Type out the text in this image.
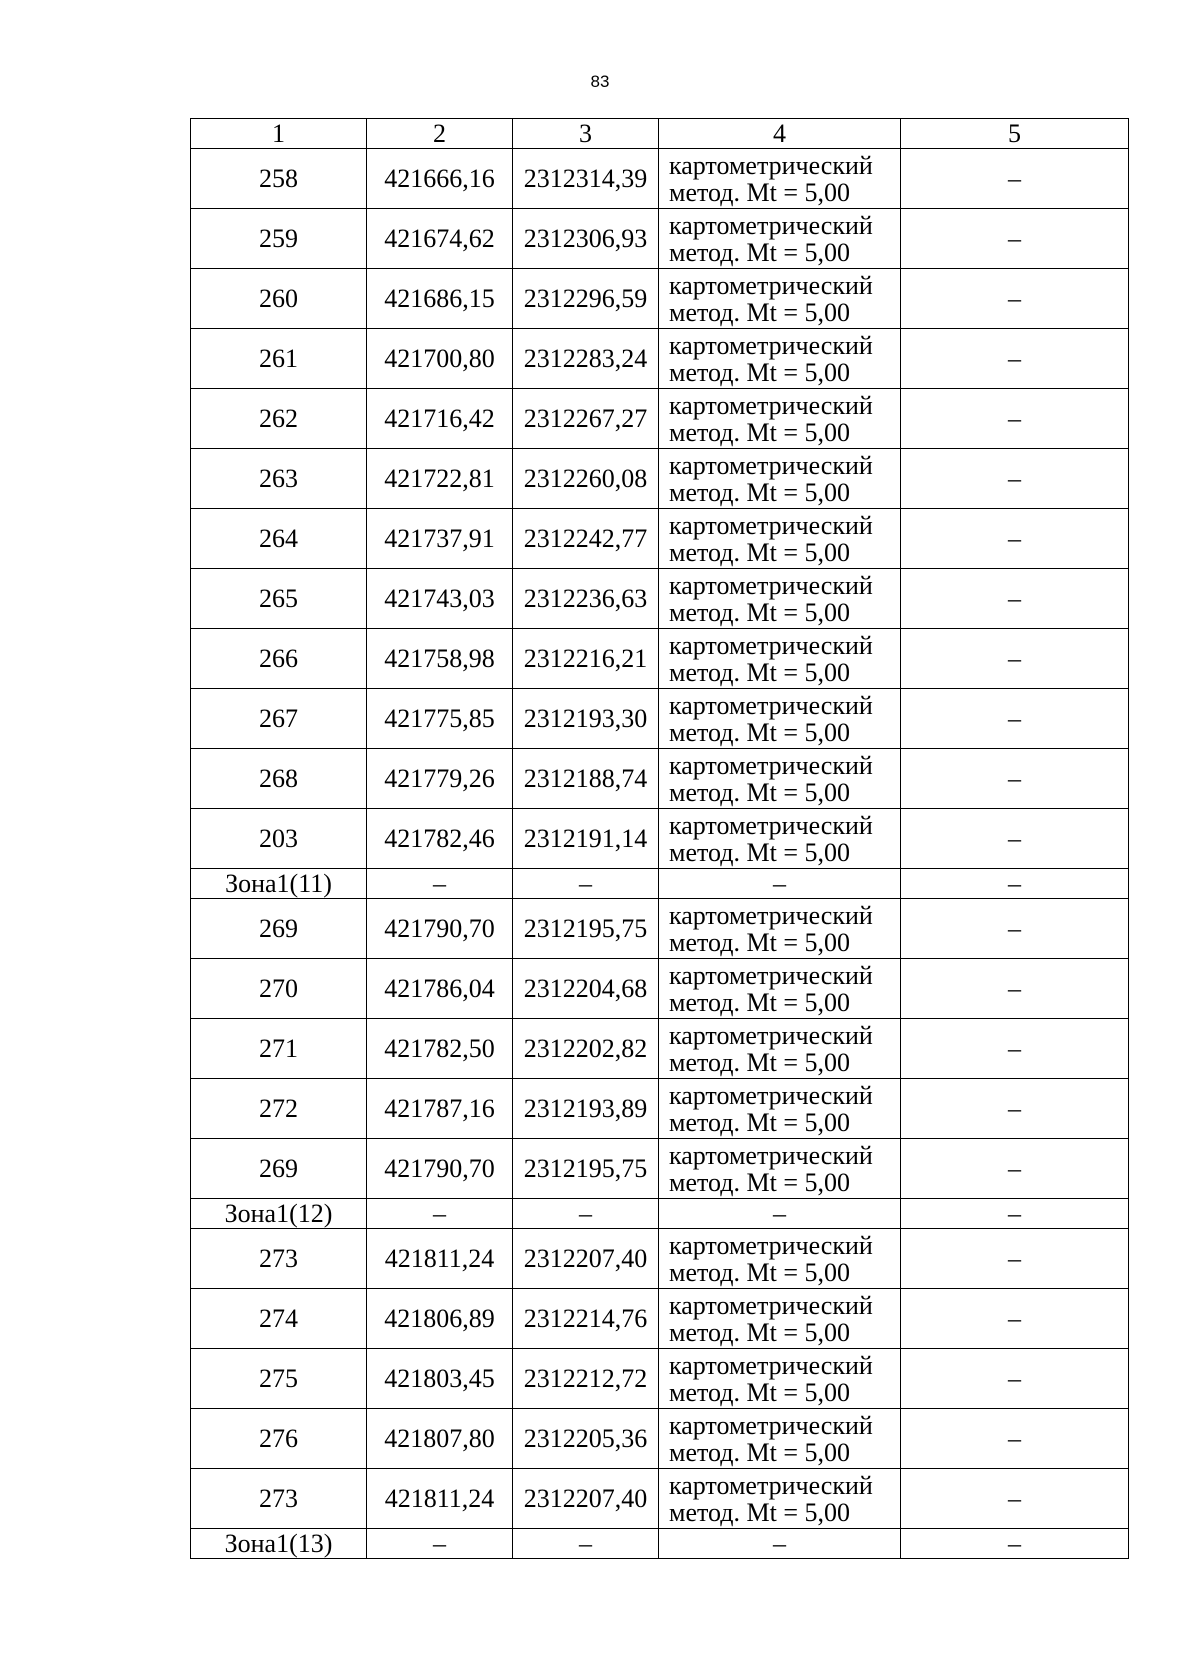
83
1	2	3	4	5
258	421666,16	2312314,39	картометрический
метод. Mt = 5,00	–
259	421674,62	2312306,93	картометрический
метод. Mt = 5,00	–
260	421686,15	2312296,59	картометрический
метод. Mt = 5,00	–
261	421700,80	2312283,24	картометрический
метод. Mt = 5,00	–
262	421716,42	2312267,27	картометрический
метод. Mt = 5,00	–
263	421722,81	2312260,08	картометрический
метод. Mt = 5,00	–
264	421737,91	2312242,77	картометрический
метод. Mt = 5,00	–
265	421743,03	2312236,63	картометрический
метод. Mt = 5,00	–
266	421758,98	2312216,21	картометрический
метод. Mt = 5,00	–
267	421775,85	2312193,30	картометрический
метод. Mt = 5,00	–
268	421779,26	2312188,74	картометрический
метод. Mt = 5,00	–
203	421782,46	2312191,14	картометрический
метод. Mt = 5,00	–
Зона1(11)	–	–	–	–
269	421790,70	2312195,75	картометрический
метод. Mt = 5,00	–
270	421786,04	2312204,68	картометрический
метод. Mt = 5,00	–
271	421782,50	2312202,82	картометрический
метод. Mt = 5,00	–
272	421787,16	2312193,89	картометрический
метод. Mt = 5,00	–
269	421790,70	2312195,75	картометрический
метод. Mt = 5,00	–
Зона1(12)	–	–	–	–
273	421811,24	2312207,40	картометрический
метод. Mt = 5,00	–
274	421806,89	2312214,76	картометрический
метод. Mt = 5,00	–
275	421803,45	2312212,72	картометрический
метод. Mt = 5,00	–
276	421807,80	2312205,36	картометрический
метод. Mt = 5,00	–
273	421811,24	2312207,40	картометрический
метод. Mt = 5,00	–
Зона1(13)	–	–	–	–
